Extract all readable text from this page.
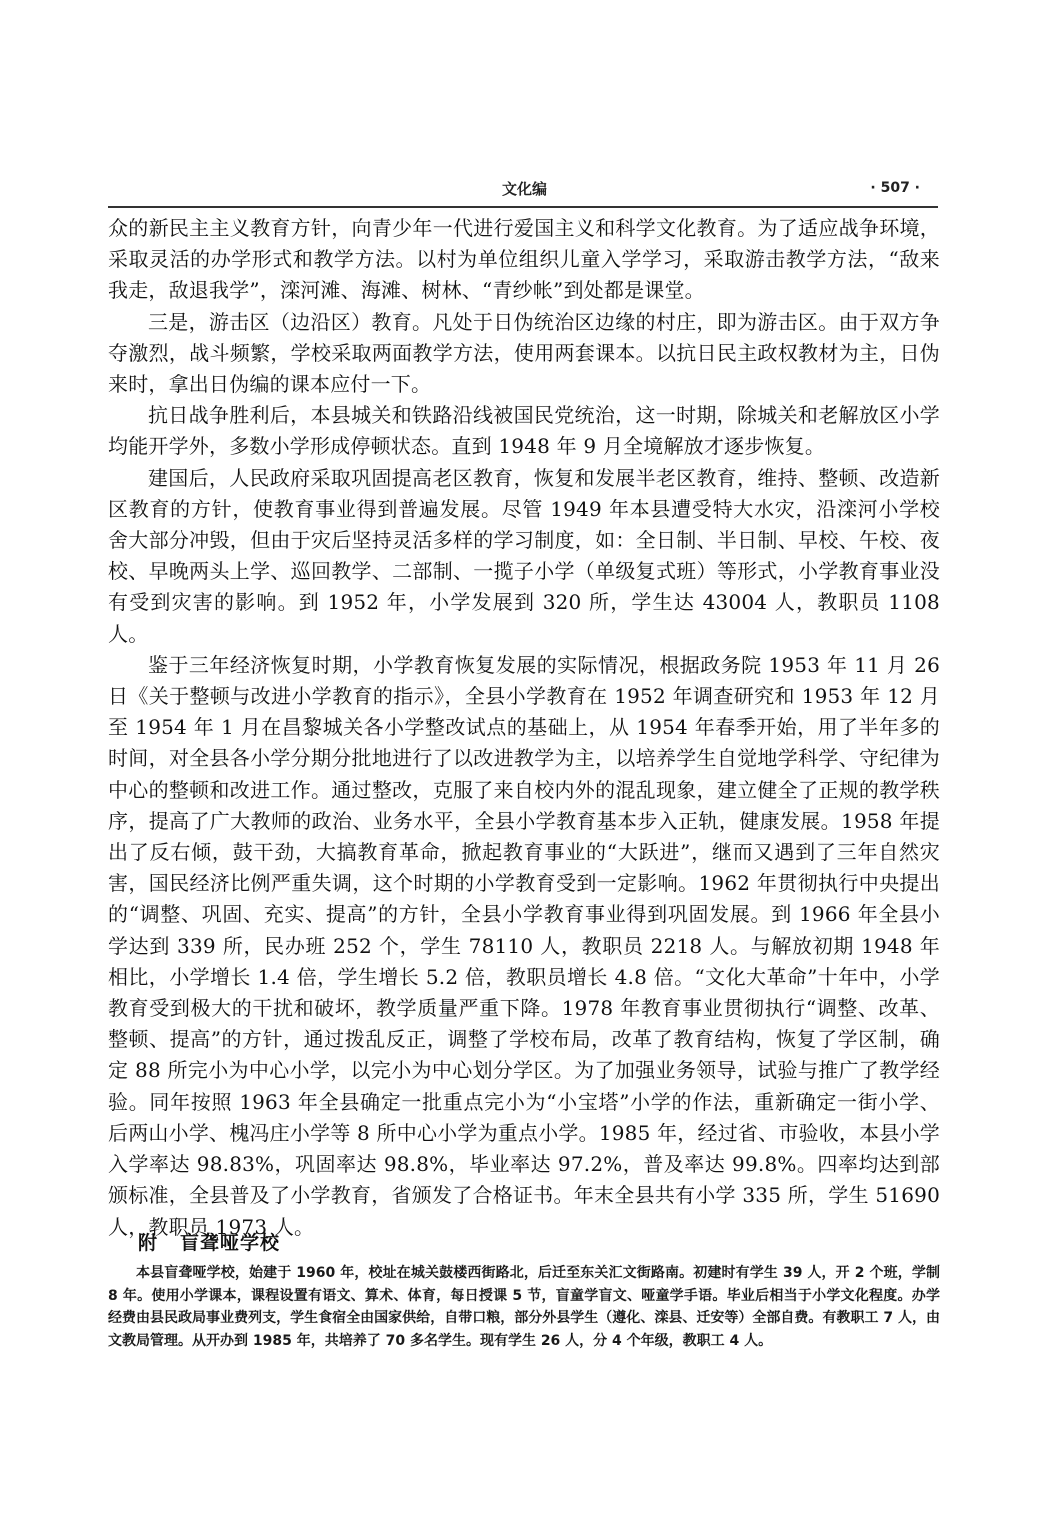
文化编	· 507 ·

众的新民主主义教育方针，向青少年一代进行爱国主义和科学文化教育。为了适应战争环境，采取灵活的办学形式和教学方法。以村为单位组织儿童入学学习，采取游击教学方法，“敌来我走，敌退我学”，滦河滩、海滩、树林、“青纱帐”到处都是课堂。

三是，游击区（边沿区）教育。凡处于日伪统治区边缘的村庄，即为游击区。由于双方争夺激烈，战斗频繁，学校采取两面教学方法，使用两套课本。以抗日民主政权教材为主，日伪来时，拿出日伪编的课本应付一下。

抗日战争胜利后，本县城关和铁路沿线被国民党统治，这一时期，除城关和老解放区小学均能开学外，多数小学形成停顿状态。直到 1948 年 9 月全境解放才逐步恢复。

建国后，人民政府采取巩固提高老区教育，恢复和发展半老区教育，维持、整顿、改造新区教育的方针，使教育事业得到普遍发展。尽管 1949 年本县遭受特大水灾，沿滦河小学校舍大部分冲毁，但由于灾后坚持灵活多样的学习制度，如：全日制、半日制、早校、午校、夜校、早晚两头上学、巡回教学、二部制、一揽子小学（单级复式班）等形式，小学教育事业没有受到灾害的影响。到 1952 年，小学发展到 320 所，学生达 43004 人，教职员 1108 人。

鉴于三年经济恢复时期，小学教育恢复发展的实际情况，根据政务院 1953 年 11 月 26 日《关于整顿与改进小学教育的指示》，全县小学教育在 1952 年调查研究和 1953 年 12 月至 1954 年 1 月在昌黎城关各小学整改试点的基础上，从 1954 年春季开始，用了半年多的时间，对全县各小学分期分批地进行了以改进教学为主，以培养学生自觉地学科学、守纪律为中心的整顿和改进工作。通过整改，克服了来自校内外的混乱现象，建立健全了正规的教学秩序，提高了广大教师的政治、业务水平，全县小学教育基本步入正轨，健康发展。1958 年提出了反右倾，鼓干劲，大搞教育革命，掀起教育事业的“大跃进”，继而又遇到了三年自然灾害，国民经济比例严重失调，这个时期的小学教育受到一定影响。1962 年贯彻执行中央提出的“调整、巩固、充实、提高”的方针，全县小学教育事业得到巩固发展。到 1966 年全县小学达到 339 所，民办班 252 个，学生 78110 人，教职员 2218 人。与解放初期 1948 年相比，小学增长 1.4 倍，学生增长 5.2 倍，教职员增长 4.8 倍。“文化大革命”十年中，小学教育受到极大的干扰和破坏，教学质量严重下降。1978 年教育事业贯彻执行“调整、改革、整顿、提高”的方针，通过拨乱反正，调整了学校布局，改革了教育结构，恢复了学区制，确定 88 所完小为中心小学，以完小为中心划分学区。为了加强业务领导，试验与推广了教学经验。同年按照 1963 年全县确定一批重点完小为“小宝塔”小学的作法，重新确定一街小学、后两山小学、槐冯庄小学等 8 所中心小学为重点小学。1985 年，经过省、市验收，本县小学入学率达 98.83%，巩固率达 98.8%，毕业率达 97.2%，普及率达 99.8%。四率均达到部颁标准，全县普及了小学教育，省颁发了合格证书。年末全县共有小学 335 所，学生 51690 人，教职员 1973 人。

附 盲聋哑学校
本县盲聋哑学校，始建于 1960 年，校址在城关鼓楼西街路北，后迁至东关汇文街路南。初建时有学生 39 人，开 2 个班，学制 8 年。使用小学课本，课程设置有语文、算术、体育，每日授课 5 节，盲童学盲文、哑童学手语。毕业后相当于小学文化程度。办学经费由县民政局事业费列支，学生食宿全由国家供给，自带口粮，部分外县学生（遵化、滦县、迁安等）全部自费。有教职工 7 人，由文教局管理。从开办到 1985 年，共培养了 70 多名学生。现有学生 26 人，分 4 个年级，教职工 4 人。
